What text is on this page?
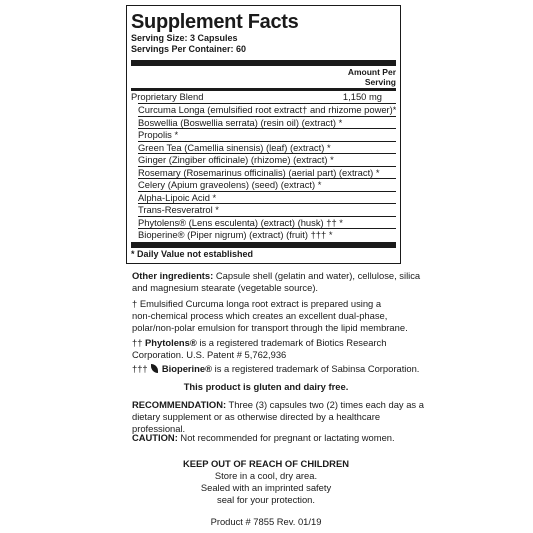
Supplement Facts
Serving Size: 3 Capsules
Servings Per Container: 60
Amount Per
Serving
Proprietary Blend	1,150 mg
Curcuma Longa (emulsified root extract† and rhizome power)*
Boswellia (Boswellia serrata) (resin oil) (extract) *
Propolis *
Green Tea (Camellia sinensis) (leaf) (extract) *
Ginger (Zingiber officinale) (rhizome) (extract) *
Rosemary (Rosemarinus officinalis) (aerial part) (extract) *
Celery (Apium graveolens) (seed) (extract) *
Alpha-Lipoic Acid *
Trans-Resveratrol *
Phytolens® (Lens esculenta) (extract) (husk) †† *
Bioperine® (Piper nigrum) (extract) (fruit) ††† *
* Daily Value not established

Other ingredients: Capsule shell (gelatin and water), cellulose, silica

and magnesium stearate (vegetable source).

† Emulsified Curcuma longa root extract is prepared using a

non-chemical process which creates an excellent dual-phase,

polar/non-polar emulsion for transport through the lipid membrane.

†† Phytolens® is a registered trademark of Biotics Research

Corporation. U.S. Patent # 5,762,936

†††  Bioperine® is a registered trademark of Sabinsa Corporation.

This product is gluten and dairy free.

RECOMMENDATION: Three (3) capsules two (2) times each day as a

dietary supplement or as otherwise directed by a healthcare professional.

CAUTION: Not recommended for pregnant or lactating women.

KEEP OUT OF REACH OF CHILDREN

Store in a cool, dry area.

Sealed with an imprinted safety

seal for your protection.

Product # 7855 Rev. 01/19
